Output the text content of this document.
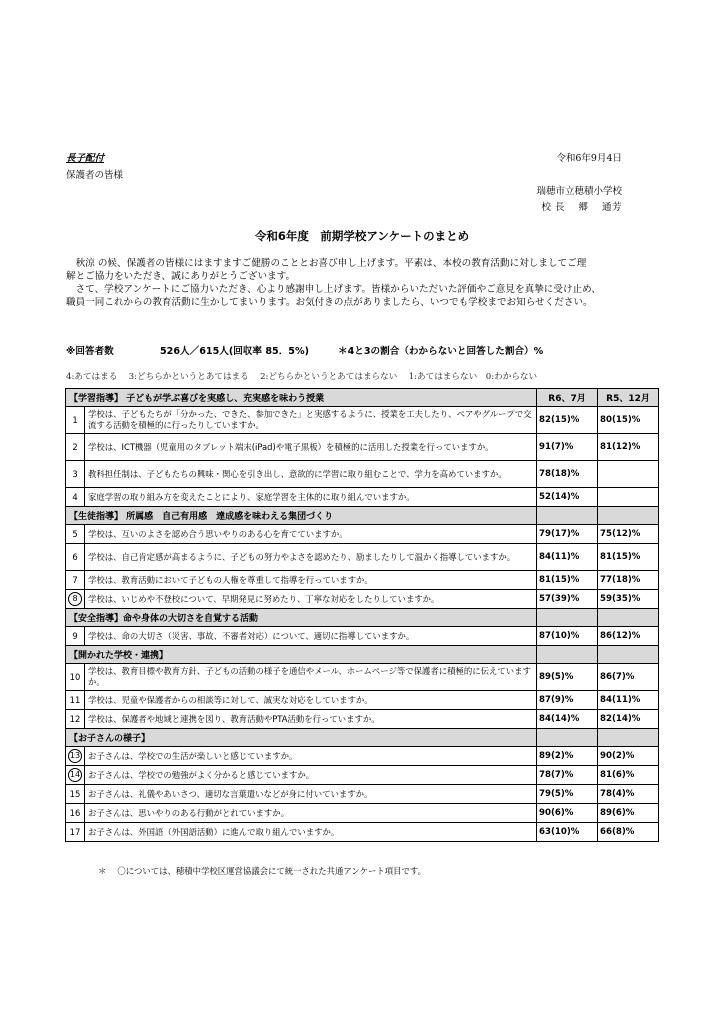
長子配付
保護者の皆様
令和6年9月4日
瑞穂市立穂積小学校
校 長　 郷　 通芳
令和6年度　前期学校アンケートのまとめ

　秋涼 の候、保護者の皆様にはますますご健勝のこととお喜び申し上げます。平素は、本校の教育活動に対しましてご理

解とご協力をいただき、誠にありがとうございます。

　さて、学校アンケートにご協力いただき、心より感謝申し上げます。皆様からいただいた評価やご意見を真摯に受け止め、

職員一同これからの教育活動に生かしてまいります。お気付きの点がありましたら、いつでも学校までお知らせください。

※回答者数	526人／615人(回収率 85．5%)	＊4と3の割合（わからないと回答した割合）%
4:あてはまる　 3:どちらかというとあてはまる　 2:どちらかというとあてはまらない　 1:あてはまらない　0:わからない
【学習指導】 子どもが学ぶ喜びを実感し、充実感を味わう授業		R6、7月	R5、12月
1	学校は、子どもたちが「分かった、できた、参加できた」と実感するように、授業を工夫したり、ペアやグループで交流する活動を積極的に行ったりしていますか。	82(15)%	80(15)%
2	学校は、ICT機器（児童用のタブレット端末(iPad)や電子黒板）を積極的に活用した授業を行っていますか。	91(7)%	81(12)%
3	教科担任制は、子どもたちの興味・関心を引き出し、意欲的に学習に取り組むことで、学力を高めていますか。	78(18)%	
4	家庭学習の取り組み方を変えたことにより、家庭学習を主体的に取り組んでいますか。	52(14)%	
【生徒指導】 所属感　自己有用感　達成感を味わえる集団づくり			
5	学校は、互いのよさを認め合う思いやりのある心を育てていますか。	79(17)%	75(12)%
6	学校は、自己肯定感が高まるように、子どもの努力やよさを認めたり、励ましたりして温かく指導していますか。	84(11)%	81(15)%
7	学校は、教育活動において子どもの人権を尊重して指導を行っていますか。	81(15)%	77(18)%
8	学校は、いじめや不登校について、早期発見に努めたり、丁寧な対応をしたりしていますか。	57(39)%	59(35)%
【安全指導】命や身体の大切さを自覚する活動			
9	学校は、命の大切さ（災害、事故、不審者対応）について、適切に指導していますか。	87(10)%	86(12)%
【開かれた学校・連携】			
10	学校は、教育目標や教育方針、子どもの活動の様子を通信やメール、ホームページ等で保護者に積極的に伝えていますか。	89(5)%	86(7)%
11	学校は、児童や保護者からの相談等に対して、誠実な対応をしていますか。	87(9)%	84(11)%
12	学校は、保護者や地域と連携を図り、教育活動やPTA活動を行っていますか。	84(14)%	82(14)%
【お子さんの様子】			
13	お子さんは、学校での生活が楽しいと感じていますか。	89(2)%	90(2)%
14	お子さんは、学校での勉強がよく分かると感じていますか。	78(7)%	81(6)%
15	お子さんは、礼儀やあいさつ、適切な言葉遣いなどが身に付いていますか。	79(5)%	78(4)%
16	お子さんは、思いやりのある行動がとれていますか。	90(6)%	89(6)%
17	お子さんは、外国語（外国語活動）に進んで取り組んでいますか。	63(10)%	66(8)%
＊　 〇については、穂積中学校区運営協議会にて統一された共通アンケート項目です。
